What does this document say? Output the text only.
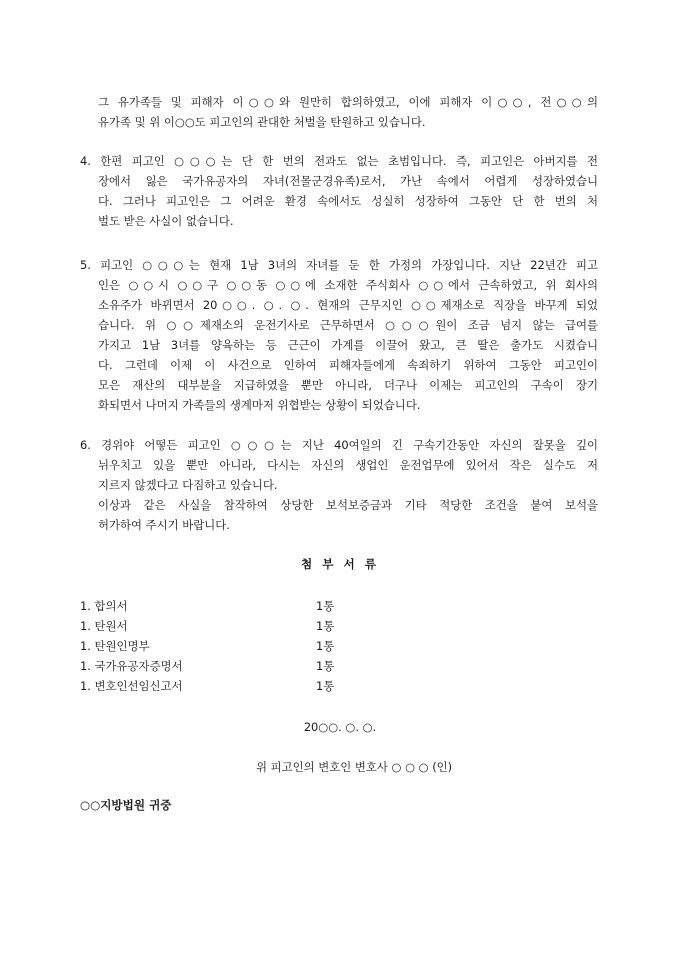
그 유가족들 및 피해자 이○○와 원만히 합의하였고, 이에 피해자 이○○, 전○○의
유가족 및 위 이○○도 피고인의 관대한 처벌을 탄원하고 있습니다.
4. 한편 피고인 ○○○는 단 한 번의 전과도 없는 초범입니다. 즉, 피고인은 아버지를 전
장에서 잃은 국가유공자의 자녀(전몰군경유족)로서, 가난 속에서 어렵게 성장하였습니
다. 그러나 피고인은 그 어려운 환경 속에서도 성실히 성장하여 그동안 단 한 번의 처
벌도 받은 사실이 없습니다.
5. 피고인 ○○○는 현재 1남 3녀의 자녀를 둔 한 가정의 가장입니다. 지난 22년간 피고
인은 ○○시 ○○구 ○○동 ○○에 소재한 주식회사 ○○에서 근속하였고, 위 회사의
소유주가 바뀌면서 20○○. ○. ○. 현재의 근무지인 ○○제재소로 직장을 바꾸게 되었
습니다. 위 ○○제재소의 운전기사로 근무하면서 ○○○원이 조금 넘지 않는 급여를
가지고 1남 3녀를 양육하는 등 근근이 가계를 이끌어 왔고, 큰 딸은 출가도 시켰습니
다. 그런데 이제 이 사건으로 인하여 피해자들에게 속죄하기 위하여 그동안 피고인이
모은 재산의 대부분을 지급하였을 뿐만 아니라, 더구나 이제는 피고인의 구속이 장기
화되면서 나머지 가족들의 생계마저 위협받는 상황이 되었습니다.
6. 경위야 어떻든 피고인 ○○○는 지난 40여일의 긴 구속기간동안 자신의 잘못을 깊이
뉘우치고 있을 뿐만 아니라, 다시는 자신의 생업인 운전업무에 있어서 작은 실수도 저
지르지 않겠다고 다짐하고 있습니다.
이상과 같은 사실을 참작하여 상당한 보석보증금과 기타 적당한 조건을 붙여 보석을
허가하여 주시기 바랍니다.
첨 부 서 류
1. 합의서	1통
1. 탄원서	1통
1. 탄원인명부	1통
1. 국가유공자증명서	1통
1. 변호인선임신고서	1통
20○○. ○. ○.
위 피고인의 변호인 변호사 ○ ○ ○ (인)
○○지방법원 귀중
